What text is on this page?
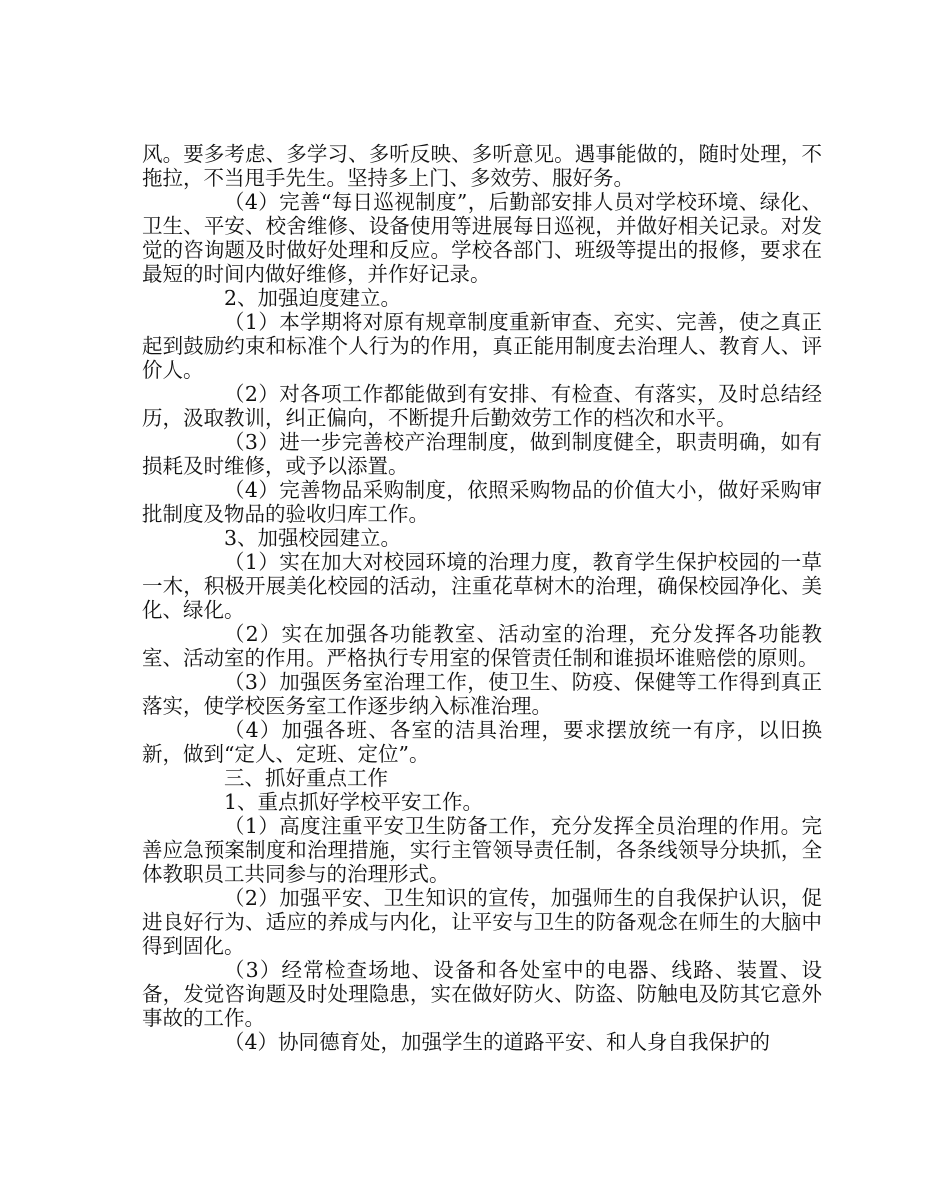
风。要多考虑、多学习、多听反映、多听意见。遇事能做的，随时处理，不拖拉，不当甩手先生。坚持多上门、多效劳、服好务。

（4）完善“每日巡视制度”，后勤部安排人员对学校环境、绿化、卫生、平安、校舍维修、设备使用等进展每日巡视，并做好相关记录。对发觉的咨询题及时做好处理和反应。学校各部门、班级等提出的报修，要求在最短的时间内做好维修，并作好记录。

2、加强迫度建立。

（1）本学期将对原有规章制度重新审查、充实、完善，使之真正起到鼓励约束和标准个人行为的作用，真正能用制度去治理人、教育人、评价人。

（2）对各项工作都能做到有安排、有检查、有落实，及时总结经历，汲取教训，纠正偏向，不断提升后勤效劳工作的档次和水平。

（3）进一步完善校产治理制度，做到制度健全，职责明确，如有损耗及时维修，或予以添置。

（4）完善物品采购制度，依照采购物品的价值大小，做好采购审批制度及物品的验收归库工作。

3、加强校园建立。

（1）实在加大对校园环境的治理力度，教育学生保护校园的一草一木，积极开展美化校园的活动，注重花草树木的治理，确保校园净化、美化、绿化。

（2）实在加强各功能教室、活动室的治理，充分发挥各功能教室、活动室的作用。严格执行专用室的保管责任制和谁损坏谁赔偿的原则。

（3）加强医务室治理工作，使卫生、防疫、保健等工作得到真正落实，使学校医务室工作逐步纳入标准治理。

（4）加强各班、各室的洁具治理，要求摆放统一有序，以旧换新，做到“定人、定班、定位”。

三、抓好重点工作

1、重点抓好学校平安工作。

（1）高度注重平安卫生防备工作，充分发挥全员治理的作用。完善应急预案制度和治理措施，实行主管领导责任制，各条线领导分块抓，全体教职员工共同参与的治理形式。

（2）加强平安、卫生知识的宣传，加强师生的自我保护认识，促进良好行为、适应的养成与内化，让平安与卫生的防备观念在师生的大脑中得到固化。

（3）经常检查场地、设备和各处室中的电器、线路、装置、设备，发觉咨询题及时处理隐患，实在做好防火、防盗、防触电及防其它意外事故的工作。

（4）协同德育处，加强学生的道路平安、和人身自我保护的
